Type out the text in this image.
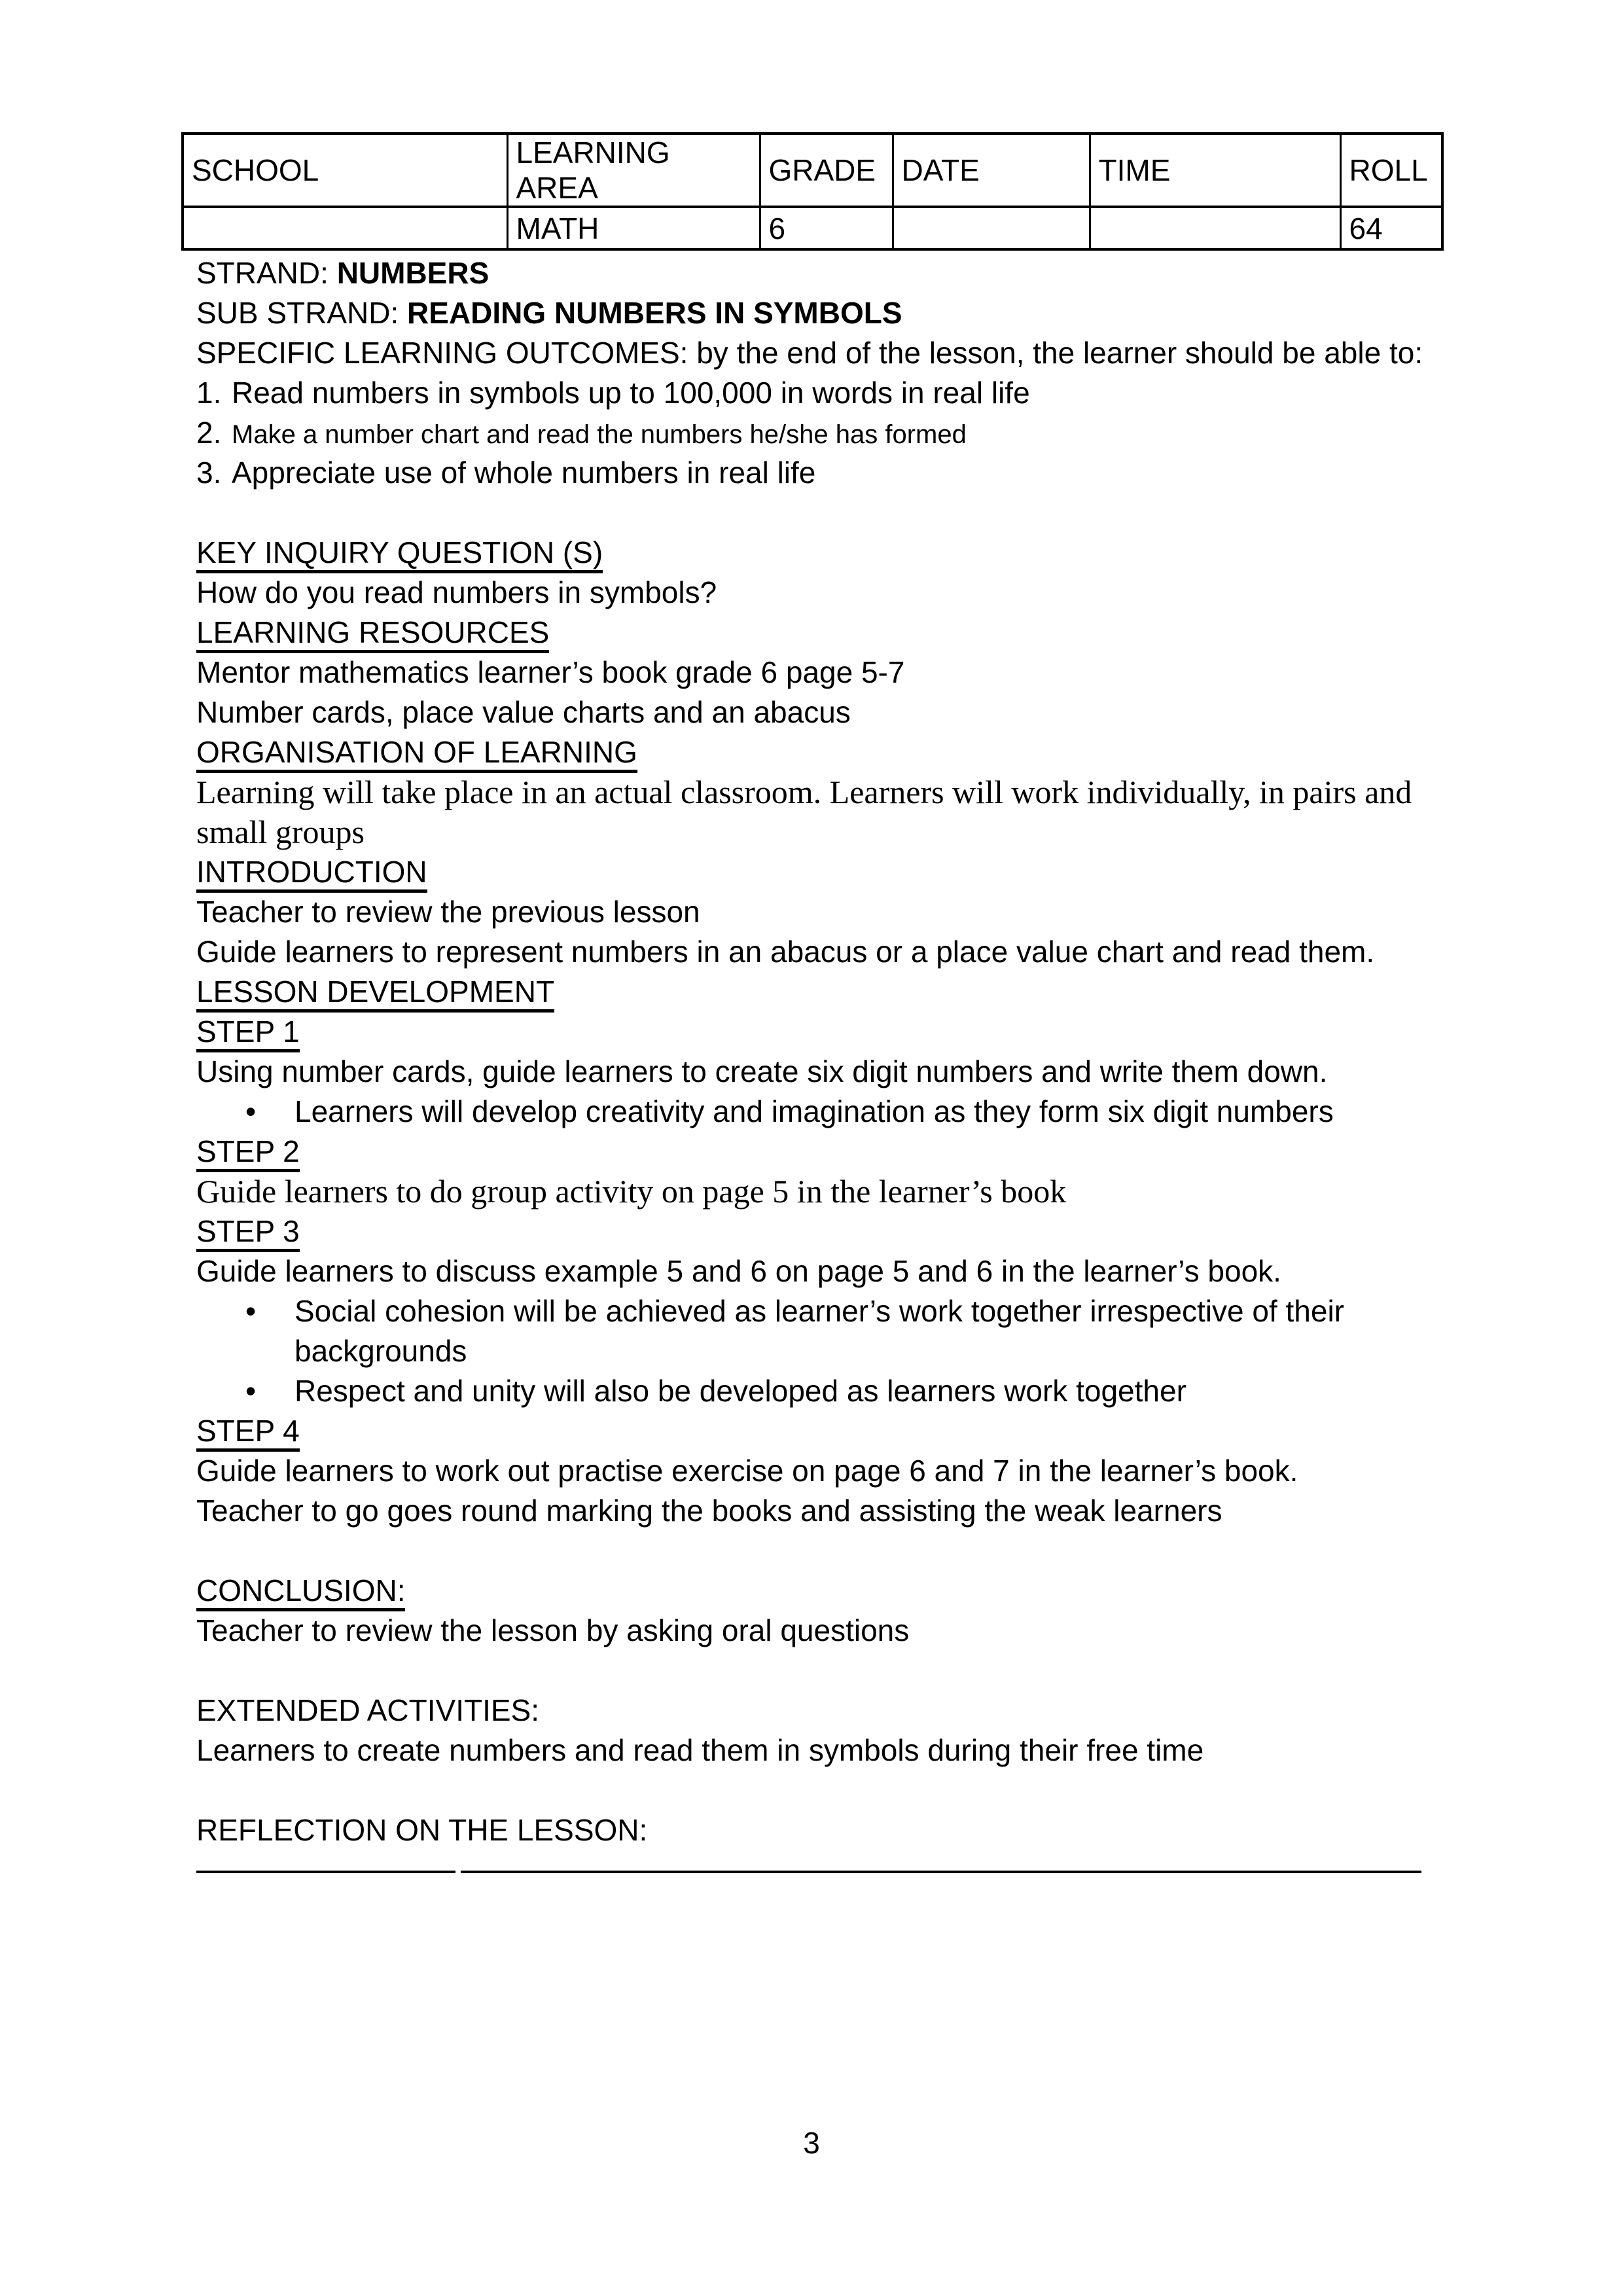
SCHOOL	LEARNING AREA	GRADE	DATE	TIME	ROLL
	MATH	6			64
STRAND: NUMBERS
SUB STRAND: READING NUMBERS IN SYMBOLS
SPECIFIC LEARNING OUTCOMES: by the end of the lesson, the learner should be able to:
1. Read numbers in symbols up to 100,000 in words in real life
2. Make a number chart and read the numbers he/she has formed
3. Appreciate use of whole numbers in real life
KEY INQUIRY QUESTION (S)
How do you read numbers in symbols?
LEARNING RESOURCES
Mentor mathematics learner’s book grade 6 page 5-7
Number cards, place value charts and an abacus
ORGANISATION OF LEARNING
Learning will take place in an actual classroom. Learners will work individually, in pairs and
small groups
INTRODUCTION
Teacher to review the previous lesson
Guide learners to represent numbers in an abacus or a place value chart and read them.
LESSON DEVELOPMENT
STEP 1
Using number cards, guide learners to create six digit numbers and write them down.
• Learners will develop creativity and imagination as they form six digit numbers
STEP 2
Guide learners to do group activity on page 5 in the learner’s book
STEP 3
Guide learners to discuss example 5 and 6 on page 5 and 6 in the learner’s book.
• Social cohesion will be achieved as learner’s work together irrespective of their
backgrounds
• Respect and unity will also be developed as learners work together
STEP 4
Guide learners to work out practise exercise on page 6 and 7 in the learner’s book.
Teacher to go goes round marking the books and assisting the weak learners
CONCLUSION:
Teacher to review the lesson by asking oral questions
EXTENDED ACTIVITIES:
Learners to create numbers and read them in symbols during their free time
REFLECTION ON THE LESSON:
3
